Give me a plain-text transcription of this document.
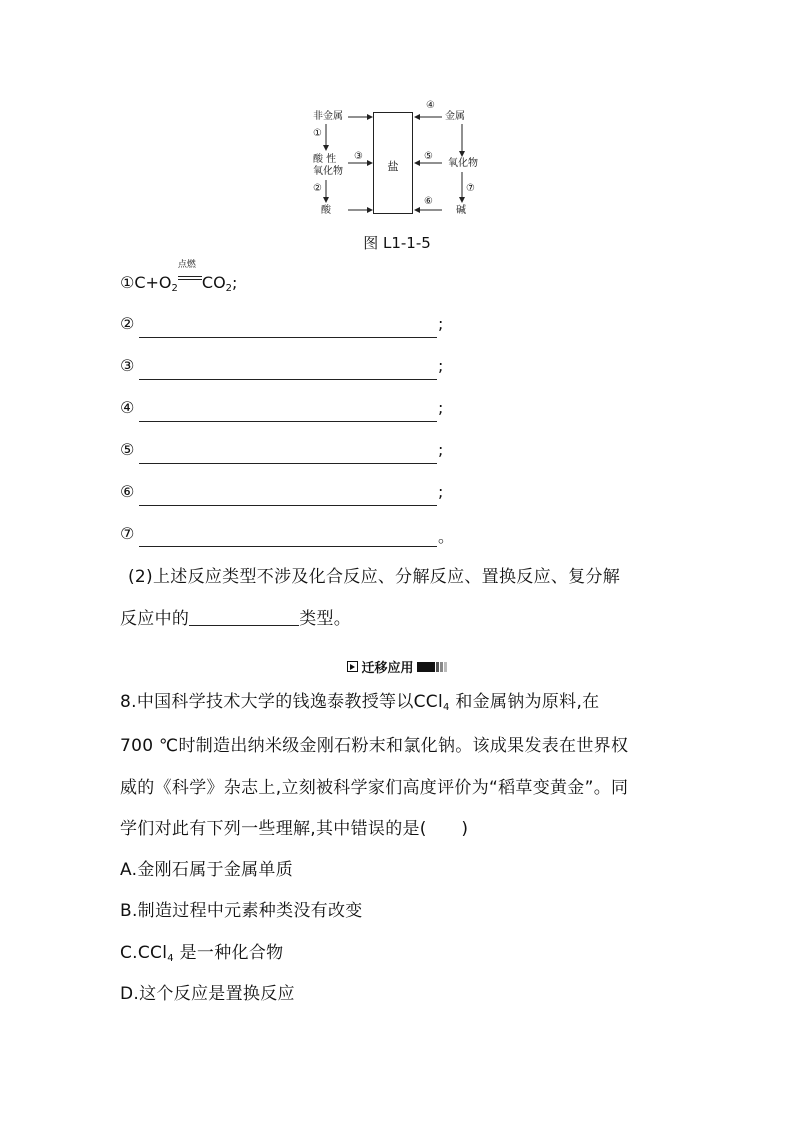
非金属
酸 性
氧化物
酸
金属
氧化物
碱
①
②
③
④
⑤
⑥
⑦
盐
图 L1-1-5
$①C+O_2$
点燃
$CO_2$;
②	;
③	;
④	;
⑤	;
⑥	;
⑦	。
(2)上述反应类型不涉及化合反应、分解反应、置换反应、复分解
反应中的	类型。
迁移应用
8.中国科学技术大学的钱逸泰教授等以CCl$_4$ 和金属钠为原料,在
700 ℃时制造出纳米级金刚石粉末和氯化钠。该成果发表在世界权
威的《科学》杂志上,立刻被科学家们高度评价为“稻草变黄金”。同
学们对此有下列一些理解,其中错误的是(　　)
A.金刚石属于金属单质
B.制造过程中元素种类没有改变
C.CCl$_4$ 是一种化合物
D.这个反应是置换反应
